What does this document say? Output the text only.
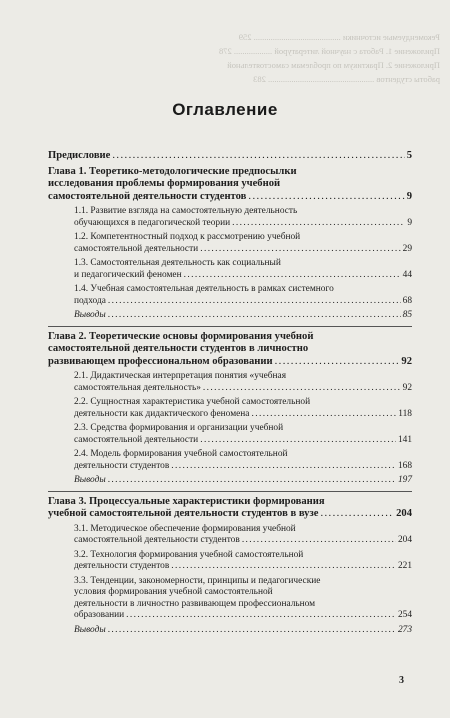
Рекомендуемые источники ......................................... 259
Приложение 1. Работа с научной литературой .................. 278
Приложение 2. Практикум по проблемам самостоятельной
работы студентов .................................................. 283
Оглавление
Предисловие .....	5
Глава 1. Теоретико-методологические предпосылки
исследования проблемы формирования учебной
самостоятельной деятельности студентов .....	9
1.1. Развитие взгляда на самостоятельную деятельность
обучающихся в педагогической теории .....	9
1.2. Компетентностный подход к рассмотрению учебной
самостоятельной деятельности .....	29
1.3. Самостоятельная деятельность как социальный
и педагогический феномен .....	44
1.4. Учебная самостоятельная деятельность в рамках системного
подхода .....	68
Выводы .....	85
Глава 2. Теоретические основы формирования учебной
самостоятельной деятельности студентов в личностно
развивающем профессиональном образовании .....	92
2.1. Дидактическая интерпретация понятия «учебная
самостоятельная деятельность» .....	92
2.2. Сущностная характеристика учебной самостоятельной
деятельности как дидактического феномена .....	118
2.3. Средства формирования и организации учебной
самостоятельной деятельности .....	141
2.4. Модель формирования учебной самостоятельной
деятельности студентов .....	168
Выводы .....	197
Глава 3. Процессуальные характеристики формирования
учебной самостоятельной деятельности студентов в вузе .....	204
3.1. Методическое обеспечение формирования учебной
самостоятельной деятельности студентов .....	204
3.2. Технология формирования учебной самостоятельной
деятельности студентов .....	221
3.3. Тенденции, закономерности, принципы и педагогические
условия формирования учебной самостоятельной
деятельности в личностно развивающем профессиональном
образовании .....	254
Выводы .....	273
3
